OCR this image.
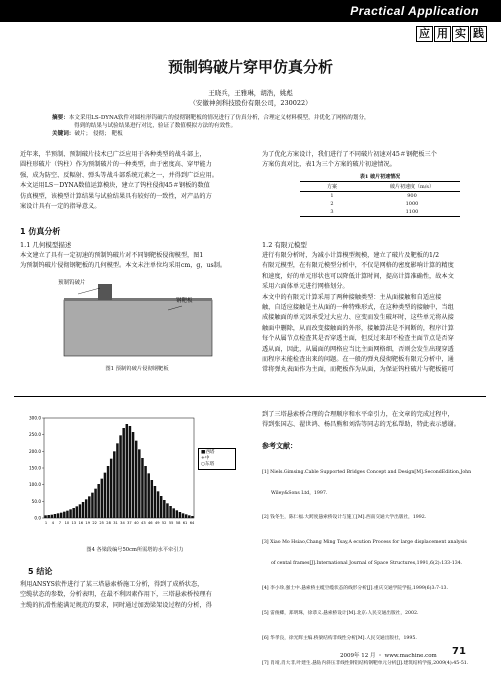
Practical Application
应 用 实 践
预制钨破片穿甲仿真分析
王晓兵，王雅琳，胡浩，姚彪
（安徽神剑科技股份有限公司，230022）
摘要：本文采用LS-DYNA软件对圆柱形钨破片的侵彻钢靶板的情况进行了仿真分析，合理定义材料模型，并优化了网格的划分，
得到的结果与试验结果进行对比，验证了数值模拟方法的有效性。
关键词：破片； 侵彻； 靶板
近年来，半预制、预制破片技术已广泛应用于各种类型的战斗部上，
圆柱形破片（钨柱）作为预制破片的一种类型，由于密度高、穿甲能力
强，成为防空、反幅射、弹头等战斗部系统元素之一，并得到广泛应用。
本文运用LS－DYNA数值运算模块，建立了钨柱侵彻45＃钢板的数值
仿真模型，该模型计算结果与试验结果具有较好的一致性，对产品的方
案设计具有一定的指导意义。
为了优化方案设计，我们进行了不同破片初速对45＃钢靶板三个
方案仿真对比，表1为三个方案的破片初速情况。
表1 破片初速情况
方案	破片初速度（m/s）
1	900
2	1000
3	1100
1 仿真分析
1.1 几何模型描述
本文建立了具有一定初速的预制钨破片对不同钢靶板侵彻模型，图1
为预制钨破片侵彻钢靶板的几何模型。本文未注单位均采用cm，g，us制。
预制钨破片
钢靶板
图1 预制钨破片侵彻钢靶板
1.2 有限元模型
进行有限分析时，为减小计算模型规模，建立了破片及靶板的1/2
有限元模型，在有限元模型分析中，不仅是网格的密度影响计算的精度
和速度，好的单元形状也可以降低计算时间，提高计算准确性，故本文
采用六面体单元进行网格划分。
本文中的有限元计算采用了两种接触类型：主从面接触和自适应接
触，自适应接触是主从面的一种特殊形式，在这种类型的接触中，当组
成接触面的单元因承受过大应力、应变而发生破坏时，这些单元将从接
触面中删除，从而改变接触面的外形，接触算法是不间断的，程序计算
每个从属节点检查其是否穿透主面，但反过来却不检查主面节点是否穿
透从面，因此，从属面的网格应当比主面网格细，否则会发生出现穿透
而程序未能检查出来的问题。在一般的弹丸侵彻靶板有限元分析中，通
常将弹丸表面作为主面，而靶板作为从面，为保证钨柱破片与靶板能可
300.0
250.0
200.0
150.0
100.0
50.0
0.0
1 4 7 10 13 16 19 22 25 28 31 34 37 40 43 46 49 52 55 58 61 64
■西塔
+中
○东塔
图4 各梁段编号50cm所需塔的水平牵引力
5 结论
利用ANSYS软件进行了某三塔悬索桥施工分析，得到了成桥状态，
空缆状态的参数，分析表明，在最不利因素作用下，三塔悬索桥按理有
主缆的抗滑性能满足规范的要求，同时通过加劲梁架设过程的分析，得
到了三塔悬索桥合理的合理顺序和水平牵引力，在文章的完成过程中，
得到张国志、翟世鸿、杨昌熊和刘浩等同志的无私帮助，特此表示感谢。
参考文献：

[1] Niels.Gimsing.Cable Supported Bridges Concept and Design[M].SecondEdition,John

Wiley&Sons Ltd，1997.

[2] 钱冬生，陈仁福.大跨度悬索桥设计与施工[M].西南交通大学出版社，1992.

[3] Xiao Mo Hsiao,Chang Ming Tsay,A ecution Process for large displacement analysis

of cental frames[J].International Journal of Space Structures,1991,6(2):133-134.

[4] 李小珍,强士中.悬索桥主缆空缆状态的线形分析[J].重庆交通学院学报,1999(6)3:7-13.

[5] 雷俊卿，郑明珠，徐恭义.悬索桥设计[M].北京:人民交通出版社，2002.

[6] 华孝良，徐光辉主编.桥梁结构非线性分析[M].人民交通出版社，1995.

[7] 肖靖,肖大非,叶建生.悬钻内斜压非线性钢铝结构钢靶单元分析[J].建筑结构学报,2009(4):45-51.

2009年 12 月 ・ www.machine.com 71
